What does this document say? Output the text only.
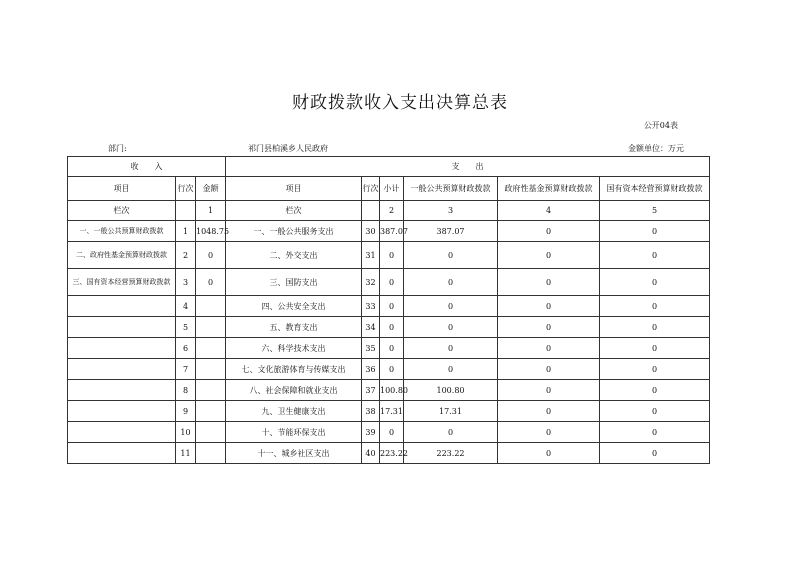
财政拨款收入支出决算总表
公开04表
部门:	祁门县柏溪乡人民政府	金额单位：万元
收　　入			支　　出					
项目	行次	金额	项目	行次	小计	一般公共预算财政拨款	政府性基金预算财政拨款	国有资本经营预算财政拨款
栏次		1	栏次		2	3	4	5
一、一般公共预算财政拨款	1	1048.75	一、一般公共服务支出	30	387.07	387.07	0	0
二、政府性基金预算财政拨款	2	0	二、外交支出	31	0	0	0	0
三、国有资本经营预算财政拨款	3	0	三、国防支出	32	0	0	0	0
	4		四、公共安全支出	33	0	0	0	0
	5		五、教育支出	34	0	0	0	0
	6		六、科学技术支出	35	0	0	0	0
	7		七、文化旅游体育与传媒支出	36	0	0	0	0
	8		八、社会保障和就业支出	37	100.80	100.80	0	0
	9		九、卫生健康支出	38	17.31	17.31	0	0
	10		十、节能环保支出	39	0	0	0	0
	11		十一、城乡社区支出	40	223.22	223.22	0	0
